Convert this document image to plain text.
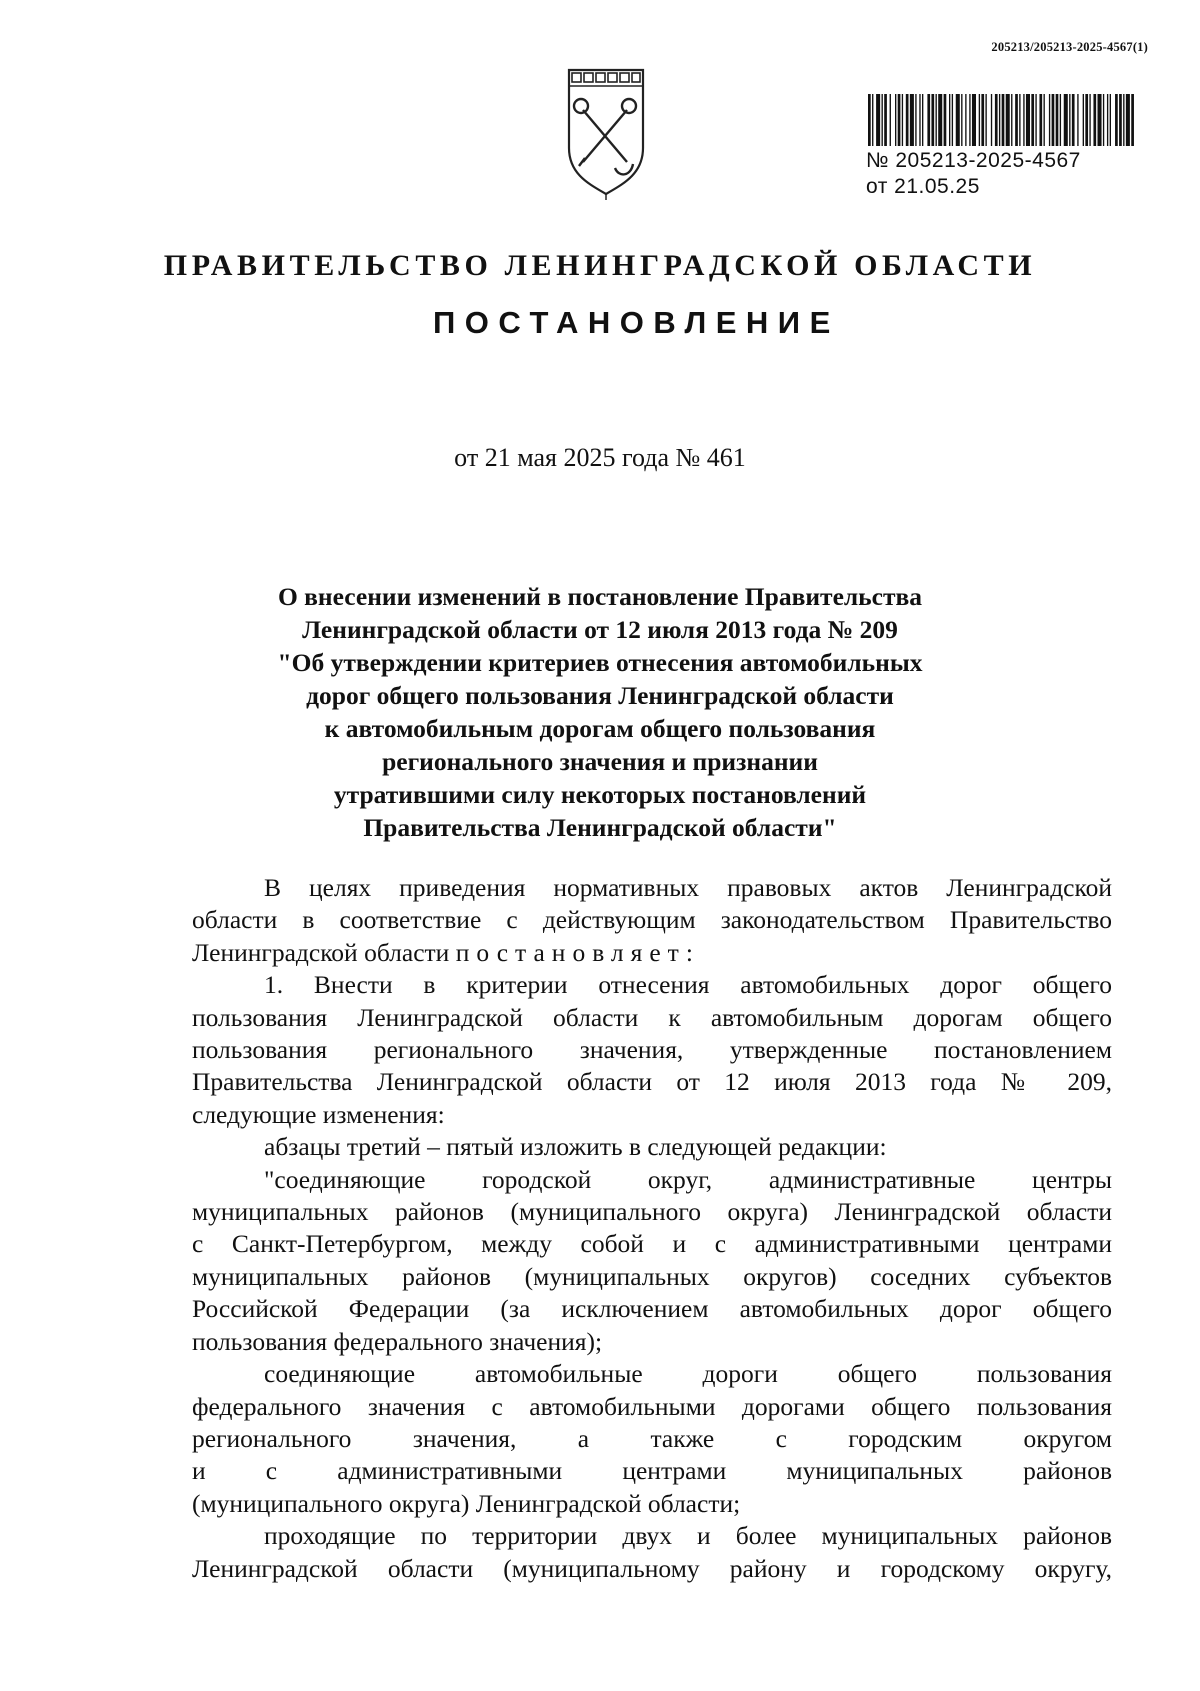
205213/205213-2025-4567(1)
№ 205213-2025-4567
от 21.05.25
ПРАВИТЕЛЬСТВО ЛЕНИНГРАДСКОЙ ОБЛАСТИ
ПОСТАНОВЛЕНИЕ
от 21 мая 2025 года № 461
О внесении изменений в постановление Правительства
Ленинградской области от 12 июля 2013 года № 209
"Об утверждении критериев отнесения автомобильных
дорог общего пользования Ленинградской области
к автомобильным дорогам общего пользования
регионального значения и признании
утратившими силу некоторых постановлений
Правительства Ленинградской области"
В целях приведения нормативных правовых актов Ленинградской
области в соответствие с действующим законодательством Правительство
Ленинградской области постановляет:
1. Внести в критерии отнесения автомобильных дорог общего
пользования Ленинградской области к автомобильным дорогам общего
пользования регионального значения, утвержденные постановлением
Правительства Ленинградской области от 12 июля 2013 года № 209,
следующие изменения:
абзацы третий – пятый изложить в следующей редакции:
"соединяющие городской округ, административные центры
муниципальных районов (муниципального округа) Ленинградской области
с Санкт-Петербургом, между собой и с административными центрами
муниципальных районов (муниципальных округов) соседних субъектов
Российской Федерации (за исключением автомобильных дорог общего
пользования федерального значения);
соединяющие автомобильные дороги общего пользования
федерального значения с автомобильными дорогами общего пользования
регионального значения, а также с городским округом
и с административными центрами муниципальных районов
(муниципального округа) Ленинградской области;
проходящие по территории двух и более муниципальных районов
Ленинградской области (муниципальному району и городскому округу,
